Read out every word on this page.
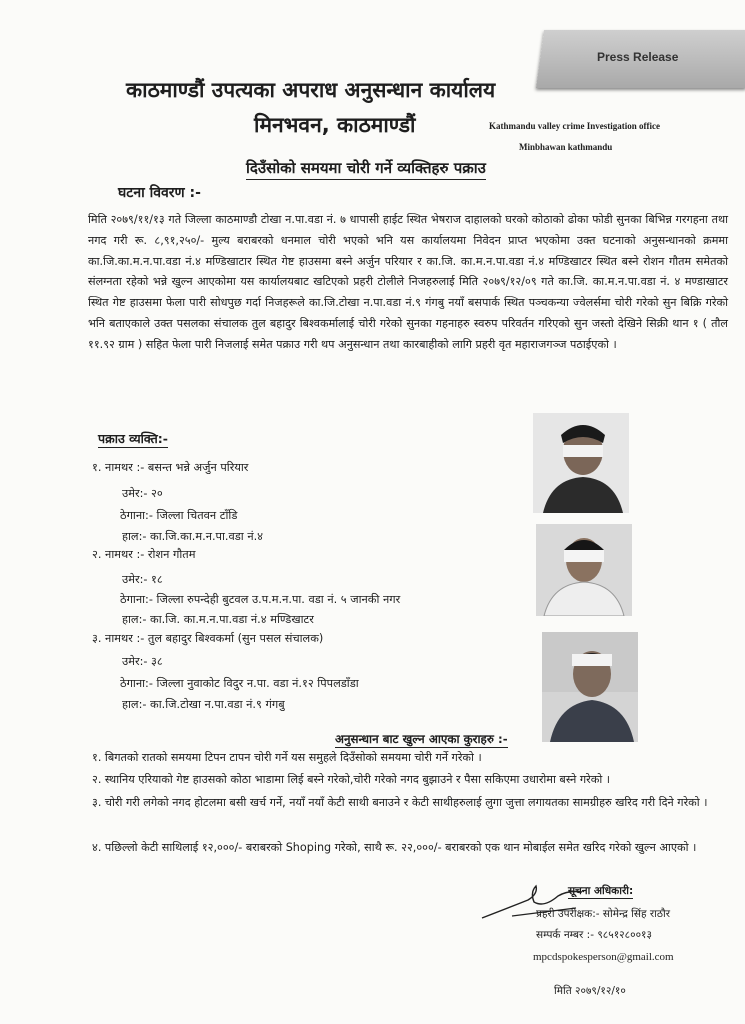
Press Release
काठमाण्डौं उपत्यका अपराध अनुसन्धान कार्यालय
मिनभवन, काठमाण्डौं	Kathmandu valley crime Investigation office
Minbhawan kathmandu
दिउँसोको समयमा चोरी गर्ने व्यक्तिहरु पक्राउ
घटना विवरण :-
मिति २०७९/११/१३ गते जिल्ला काठमाण्डौ टोखा न.पा.वडा नं. ७ धापासी हाईट स्थित भेषराज दाहालको घरको कोठाको ढोका फोडी सुनका बिभिन्न गरगहना तथा नगद गरी रू. ८,९१,२५०/- मुल्य बराबरको धनमाल चोरी भएको भनि यस कार्यालयमा निवेदन प्राप्त भएकोमा उक्त घटनाको अनुसन्धानको क्रममा का.जि.का.म.न.पा.वडा नं.४ मण्डिखाटार स्थित गेष्ट हाउसमा बस्ने अर्जुन परियार र का.जि. का.म.न.पा.वडा नं.४ मण्डिखाटर स्थित बस्ने रोशन गौतम समेतको संलग्नता रहेको भन्ने खुल्न आएकोमा यस कार्यालयबाट खटिएको प्रहरी टोलीले निजहरुलाई मिति २०७९/१२/०९ गते का.जि. का.म.न.पा.वडा नं. ४ मण्डाखाटर स्थित गेष्ट हाउसमा फेला पारी सोधपुछ गर्दा निजहरूले का.जि.टोखा न.पा.वडा नं.९ गंगबु नयाँ बसपार्क स्थित पञ्चकन्या ज्वेलर्समा चोरी गरेको सुन बिक्रि गरेको भनि बताएकाले उक्त पसलका संचालक तुल बहादुर बिश्वकर्मालाई चोरी गरेको सुनका गहनाहरु स्वरुप परिवर्तन गरिएको सुन जस्तो देखिने सिक्री थान १ ( तौल ११.९२ ग्राम ) सहित फेला पारी निजलाई समेत पक्राउ गरी थप अनुसन्धान तथा कारबाहीको लागि प्रहरी वृत महाराजगञ्ज पठाईएको ।
पक्राउ व्यक्ति:-
१. नामथर :- बसन्त भन्ने अर्जुन परियार
उमेर:- २०
ठेगाना:- जिल्ला चितवन टाँडि
हाल:- का.जि.का.म.न.पा.वडा नं.४
२. नामथर :- रोशन गौतम
उमेर:- १८
ठेगाना:- जिल्ला रुपन्देही बुटवल उ.प.म.न.पा. वडा नं. ५ जानकी नगर
हाल:- का.जि. का.म.न.पा.वडा नं.४ मण्डिखाटर
३. नामथर :- तुल बहादुर बिश्वकर्मा (सुन पसल संचालक)
उमेर:- ३८
ठेगाना:- जिल्ला नुवाकोट विदुर न.पा. वडा नं.१२ पिपलडाँडा
हाल:- का.जि.टोखा न.पा.वडा नं.९ गंगबु
अनुसन्धान बाट खुल्न आएका कुराहरु :-
१. बिगतको रातको समयमा टिपन टापन चोरी गर्ने यस समुहले दिउँसोको समयमा चोरी गर्ने गरेको ।
२. स्थानिय एरियाको गेष्ट हाउसको कोठा भाडामा लिई बस्ने गरेको,चोरी गरेको नगद बुझाउने र पैसा सकिएमा उधारोमा बस्ने गरेको ।
३. चोरी गरी लगेको नगद होटलमा बसी खर्च गर्ने, नयाँ नयाँ केटी साथी बनाउने र केटी साथीहरुलाई लुगा जुत्ता लगायतका सामग्रीहरु खरिद गरी दिने गरेको ।
४. पछिल्लो केटी साथिलाई १२,०००/- बराबरको Shoping गरेको, साथै रू. २२,०००/- बराबरको एक थान मोबाईल समेत खरिद गरेको खुल्न आएको ।
सूचना अधिकारी:
प्रहरी उपरीक्षक:- सोमेन्द्र सिंह राठौर
सम्पर्क नम्बर :- ९८५१२८००१३
mpcdspokesperson@gmail.com
मिति २०७९/१२/१०
